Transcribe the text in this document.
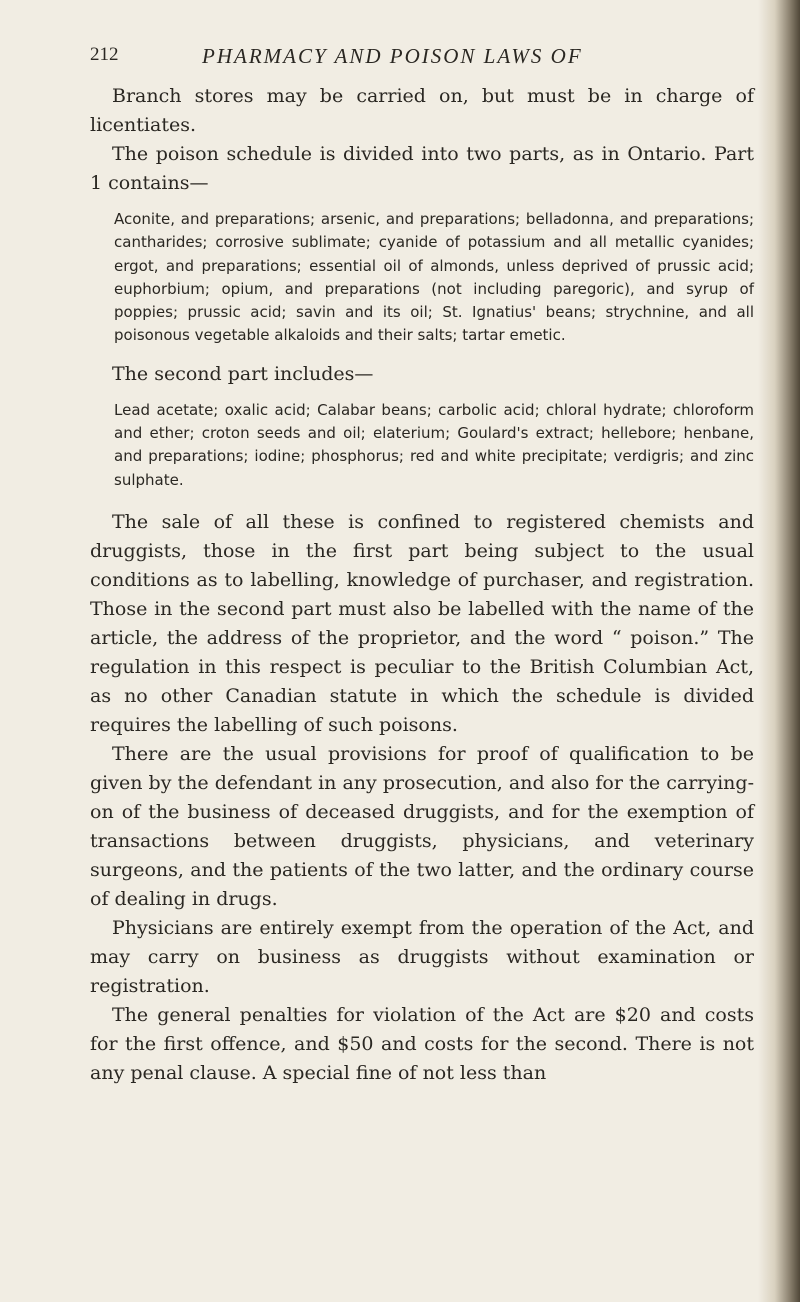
212	PHARMACY AND POISON LAWS OF

Branch stores may be carried on, but must be in charge of licentiates.

The poison schedule is divided into two parts, as in Ontario. Part 1 contains—

Aconite, and preparations; arsenic, and preparations; belladonna, and preparations; cantharides; corrosive sublimate; cyanide of potassium and all metallic cyanides; ergot, and preparations; essential oil of almonds, unless deprived of prussic acid; euphorbium; opium, and preparations (not including paregoric), and syrup of poppies; prussic acid; savin and its oil; St. Ignatius' beans; strychnine, and all poisonous vegetable alkaloids and their salts; tartar emetic.

The second part includes—

Lead acetate; oxalic acid; Calabar beans; carbolic acid; chloral hydrate; chloroform and ether; croton seeds and oil; elaterium; Goulard's extract; hellebore; henbane, and preparations; iodine; phosphorus; red and white precipitate; verdigris; and zinc sulphate.

The sale of all these is confined to registered chemists and druggists, those in the first part being subject to the usual conditions as to labelling, knowledge of purchaser, and registration. Those in the second part must also be labelled with the name of the article, the address of the proprietor, and the word “ poison.” The regulation in this respect is peculiar to the British Columbian Act, as no other Canadian statute in which the schedule is divided requires the labelling of such poisons.

There are the usual provisions for proof of qualification to be given by the defendant in any prosecution, and also for the carrying-on of the business of deceased druggists, and for the exemption of transactions between druggists, physicians, and veterinary surgeons, and the patients of the two latter, and the ordinary course of dealing in drugs.

Physicians are entirely exempt from the operation of the Act, and may carry on business as druggists without examination or registration.

The general penalties for violation of the Act are $20 and costs for the first offence, and $50 and costs for the second. There is not any penal clause. A special fine of not less than
